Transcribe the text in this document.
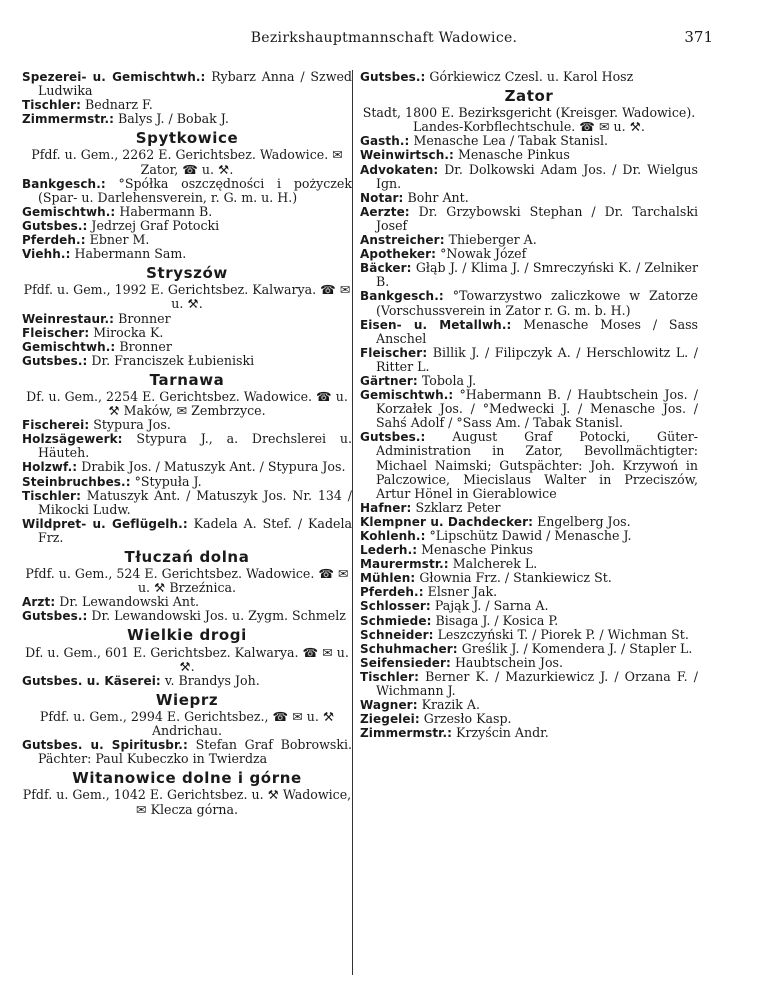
Bezirkshauptmannschaft Wadowice.	371

Spezerei- u. Gemischtwh.: Rybarz Anna / Szwed Ludwika

Tischler: Bednarz F.

Zimmermstr.: Balys J. / Bobak J.

Spytkowice

Pfdf. u. Gem., 2262 E. Gerichtsbez. Wadowice. ✉ Zator, ☎ u. ⚒.

Bankgesch.: °Spółka oszczędności i pożyczek (Spar- u. Darlehensverein, r. G. m. u. H.)

Gemischtwh.: Habermann B.

Gutsbes.: Jedrzej Graf Potocki

Pferdeh.: Ebner M.

Viehh.: Habermann Sam.

Stryszów

Pfdf. u. Gem., 1992 E. Gerichtsbez. Kalwarya. ☎ ✉ u. ⚒.

Weinrestaur.: Bronner

Fleischer: Mirocka K.

Gemischtwh.: Bronner

Gutsbes.: Dr. Franciszek Łubieniski

Tarnawa

Df. u. Gem., 2254 E. Gerichtsbez. Wadowice. ☎ u. ⚒ Maków, ✉ Zembrzyce.

Fischerei: Stypura Jos.

Holzsägewerk: Stypura J., a. Drechslerei u. Häuteh.

Holzwf.: Drabik Jos. / Matuszyk Ant. / Stypura Jos.

Steinbruchbes.: °Stypuła J.

Tischler: Matuszyk Ant. / Matuszyk Jos. Nr. 134 / Mikocki Ludw.

Wildpret- u. Geflügelh.: Kadela A. Stef. / Kadela Frz.

Tłuczań dolna

Pfdf. u. Gem., 524 E. Gerichtsbez. Wadowice. ☎ ✉ u. ⚒ Brzeźnica.

Arzt: Dr. Lewandowski Ant.

Gutsbes.: Dr. Lewandowski Jos. u. Zygm. Schmelz

Wielkie drogi

Df. u. Gem., 601 E. Gerichtsbez. Kalwarya. ☎ ✉ u. ⚒.

Gutsbes. u. Käserei: v. Brandys Joh.

Wieprz

Pfdf. u. Gem., 2994 E. Gerichtsbez., ☎ ✉ u. ⚒ Andrichau.

Gutsbes. u. Spiritusbr.: Stefan Graf Bobrowski. Pächter: Paul Kubeczko in Twierdza

Witanowice dolne i górne

Pfdf. u. Gem., 1042 E. Gerichtsbez. u. ⚒ Wadowice, ✉ Klecza górna.

Gutsbes.: Górkiewicz Czesl. u. Karol Hosz

Zator

Stadt, 1800 E. Bezirksgericht (Kreisger. Wadowice). Landes-Korbflechtschule. ☎ ✉ u. ⚒.

Gasth.: Menasche Lea / Tabak Stanisl.

Weinwirtsch.: Menasche Pinkus

Advokaten: Dr. Dolkowski Adam Jos. / Dr. Wielgus Ign.

Notar: Bohr Ant.

Aerzte: Dr. Grzybowski Stephan / Dr. Tarchalski Josef

Anstreicher: Thieberger A.

Apotheker: °Nowak Józef

Bäcker: Głąb J. / Klima J. / Smreczyński K. / Zelniker B.

Bankgesch.: °Towarzystwo zaliczkowe w Zatorze (Vorschussverein in Zator r. G. m. b. H.)

Eisen- u. Metallwh.: Menasche Moses / Sass Anschel

Fleischer: Billik J. / Filipczyk A. / Herschlowitz L. / Ritter L.

Gärtner: Tobola J.

Gemischtwh.: °Habermann B. / Haubtschein Jos. / Korzałek Jos. / °Medwecki J. / Menasche Jos. / Sahś Adolf / °Sass Am. / Tabak Stanisl.

Gutsbes.: August Graf Potocki, Güter-Administration in Zator, Bevollmächtigter: Michael Naimski; Gutspächter: Joh. Krzywoń in Palczowice, Miecislaus Walter in Przeciszów, Artur Hönel in Gierablowice

Hafner: Szklarz Peter

Klempner u. Dachdecker: Engelberg Jos.

Kohlenh.: °Lipschütz Dawid / Menasche J.

Lederh.: Menasche Pinkus

Maurermstr.: Malcherek L.

Mühlen: Głownia Frz. / Stankiewicz St.

Pferdeh.: Elsner Jak.

Schlosser: Pająk J. / Sarna A.

Schmiede: Bisaga J. / Kosica P.

Schneider: Leszczyński T. / Piorek P. / Wichman St.

Schuhmacher: Greślik J. / Komendera J. / Stapler L.

Seifensieder: Haubtschein Jos.

Tischler: Berner K. / Mazurkiewicz J. / Orzana F. / Wichmann J.

Wagner: Krazik A.

Ziegelei: Grzesło Kasp.

Zimmermstr.: Krzyścin Andr.
